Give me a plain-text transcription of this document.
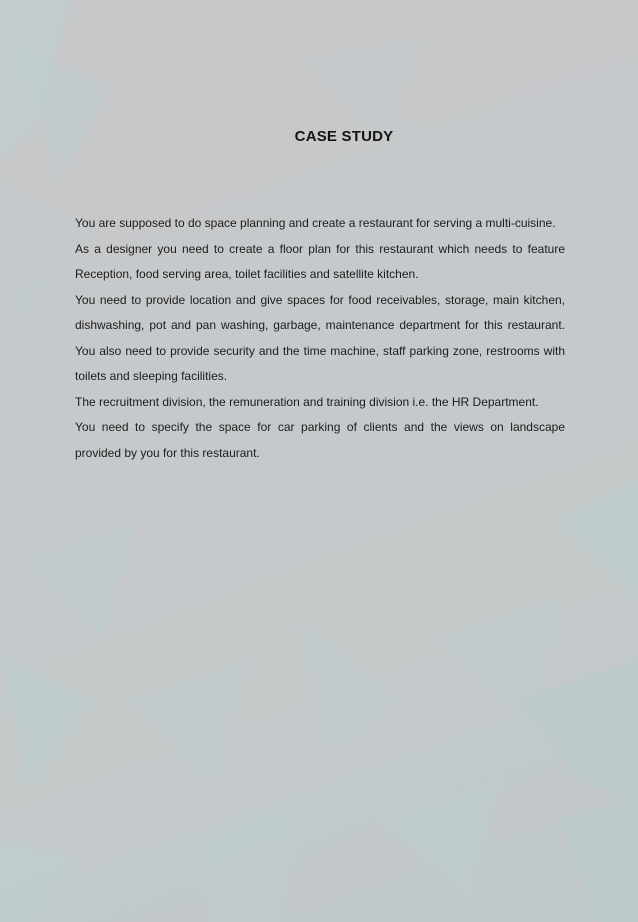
CASE STUDY

You are supposed to do space planning and create a restaurant for serving a multi-cuisine.

As a designer you need to create a floor plan for this restaurant which needs to feature Reception, food serving area, toilet facilities and satellite kitchen.

You need to provide location and give spaces for food receivables, storage, main kitchen, dishwashing, pot and pan washing, garbage, maintenance department for this restaurant. You also need to provide security and the time machine, staff parking zone, restrooms with toilets and sleeping facilities.

The recruitment division, the remuneration and training division i.e. the HR Department.

You need to specify the space for car parking of clients and the views on landscape provided by you for this restaurant.
